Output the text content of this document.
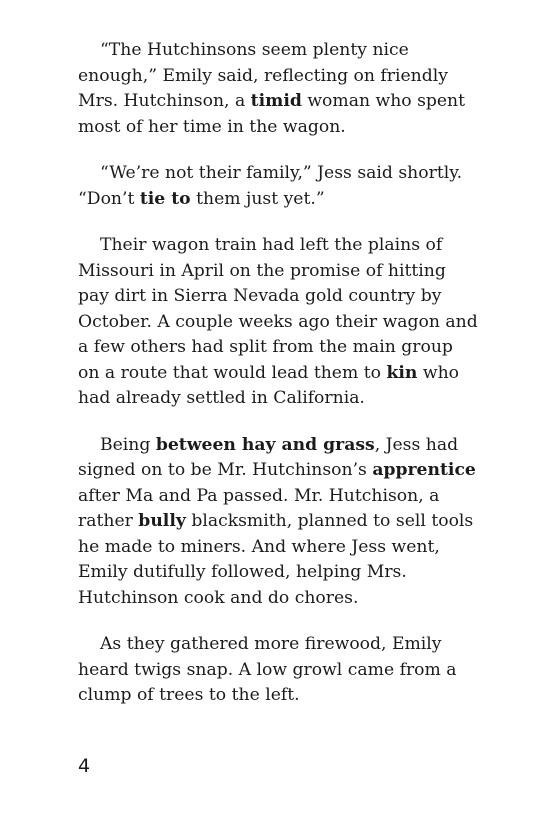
“The Hutchinsons seem plenty nice enough,” Emily said, reflecting on friendly Mrs. Hutchinson, a timid woman who spent most of her time in the wagon.

“We’re not their family,” Jess said shortly. “Don’t tie to them just yet.”

Their wagon train had left the plains of Missouri in April on the promise of hitting pay dirt in Sierra Nevada gold country by October. A couple weeks ago their wagon and a few others had split from the main group on a route that would lead them to kin who had already settled in California.

Being between hay and grass, Jess had signed on to be Mr. Hutchinson’s apprentice after Ma and Pa passed. Mr. Hutchison, a rather bully blacksmith, planned to sell tools he made to miners. And where Jess went, Emily dutifully followed, helping Mrs. Hutchinson cook and do chores.

As they gathered more firewood, Emily heard twigs snap. A low growl came from a clump of trees to the left.

4
